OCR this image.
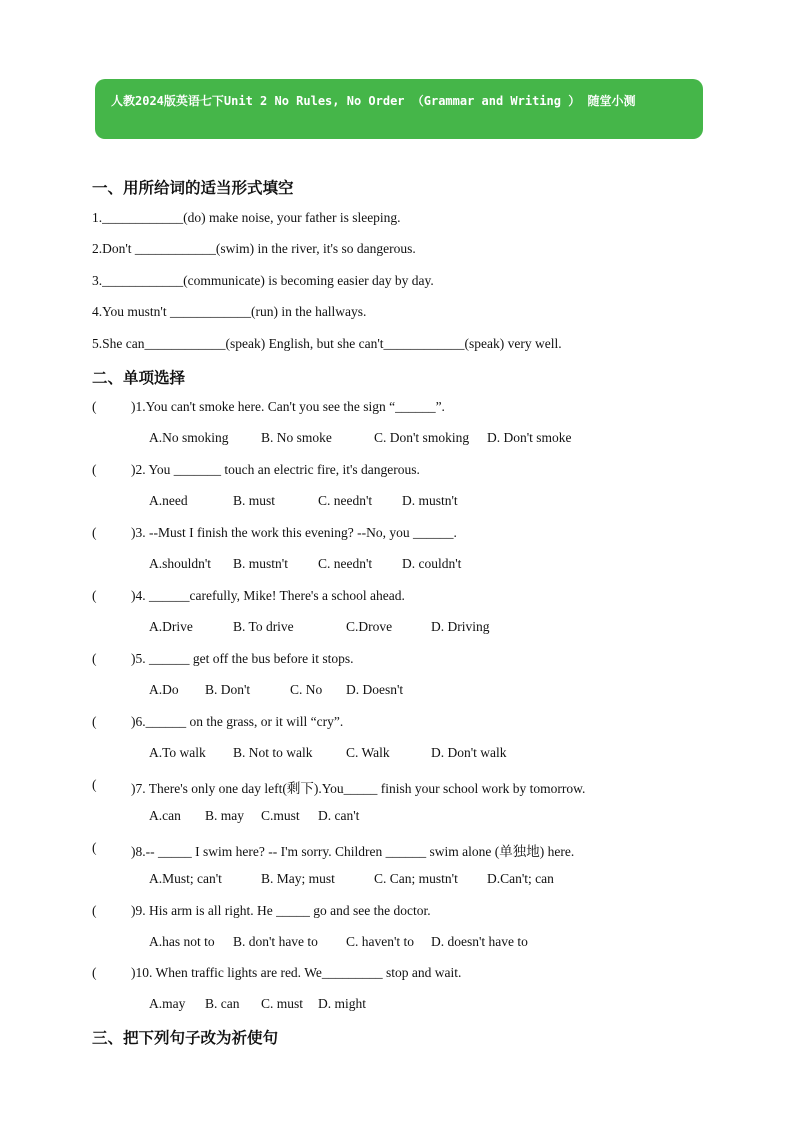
人教2024版英语七下Unit 2 No Rules, No Order （Grammar and Writing ） 随堂小测

一、用所给词的适当形式填空
1.____________(do) make noise, your father is sleeping.
2.Don't ____________(swim) in the river, it's so dangerous.
3.____________(communicate) is becoming easier day by day.
4.You mustn't ____________(run) in the hallways.
5.She can____________(speak) English, but she can't____________(speak) very well.
二、单项选择
(	)1.You can't smoke here. Can't you see the sign “______”.
A.No smoking B. No smoke	C. Don't smoking D. Don't smoke
(	)2. You _______ touch an electric fire, it's dangerous.
A.need	B. must	C. needn't D. mustn't
(	)3. --Must I finish the work this evening? --No, you ______.
A.shouldn't B. mustn't C. needn't D. couldn't
(	)4. ______carefully, Mike! There's a school ahead.
A.Drive	B. To drive	C.Drove	D. Driving
(	)5. ______ get off the bus before it stops.
A.Do B. Don't	C. No D. Doesn't
(	)6.______ on the grass, or it will “cry”.
A.To walk B. Not to walk C. Walk	D. Don't walk
(	)7. There's only one day left(剩下).You_____ finish your school work by tomorrow.
A.can B. may C.must D. can't
(	)8.-- _____ I swim here? -- I'm sorry. Children ______ swim alone (单独地) here.
A.Must; can't	B. May; must	C. Can; mustn't D.Can't; can
(	)9. His arm is all right. He _____ go and see the doctor.
A.has not to B. don't have to C. haven't to D. doesn't have to
(	)10. When traffic lights are red. We_________ stop and wait.
A.may B. can C. must D. might
三、把下列句子改为祈使句
